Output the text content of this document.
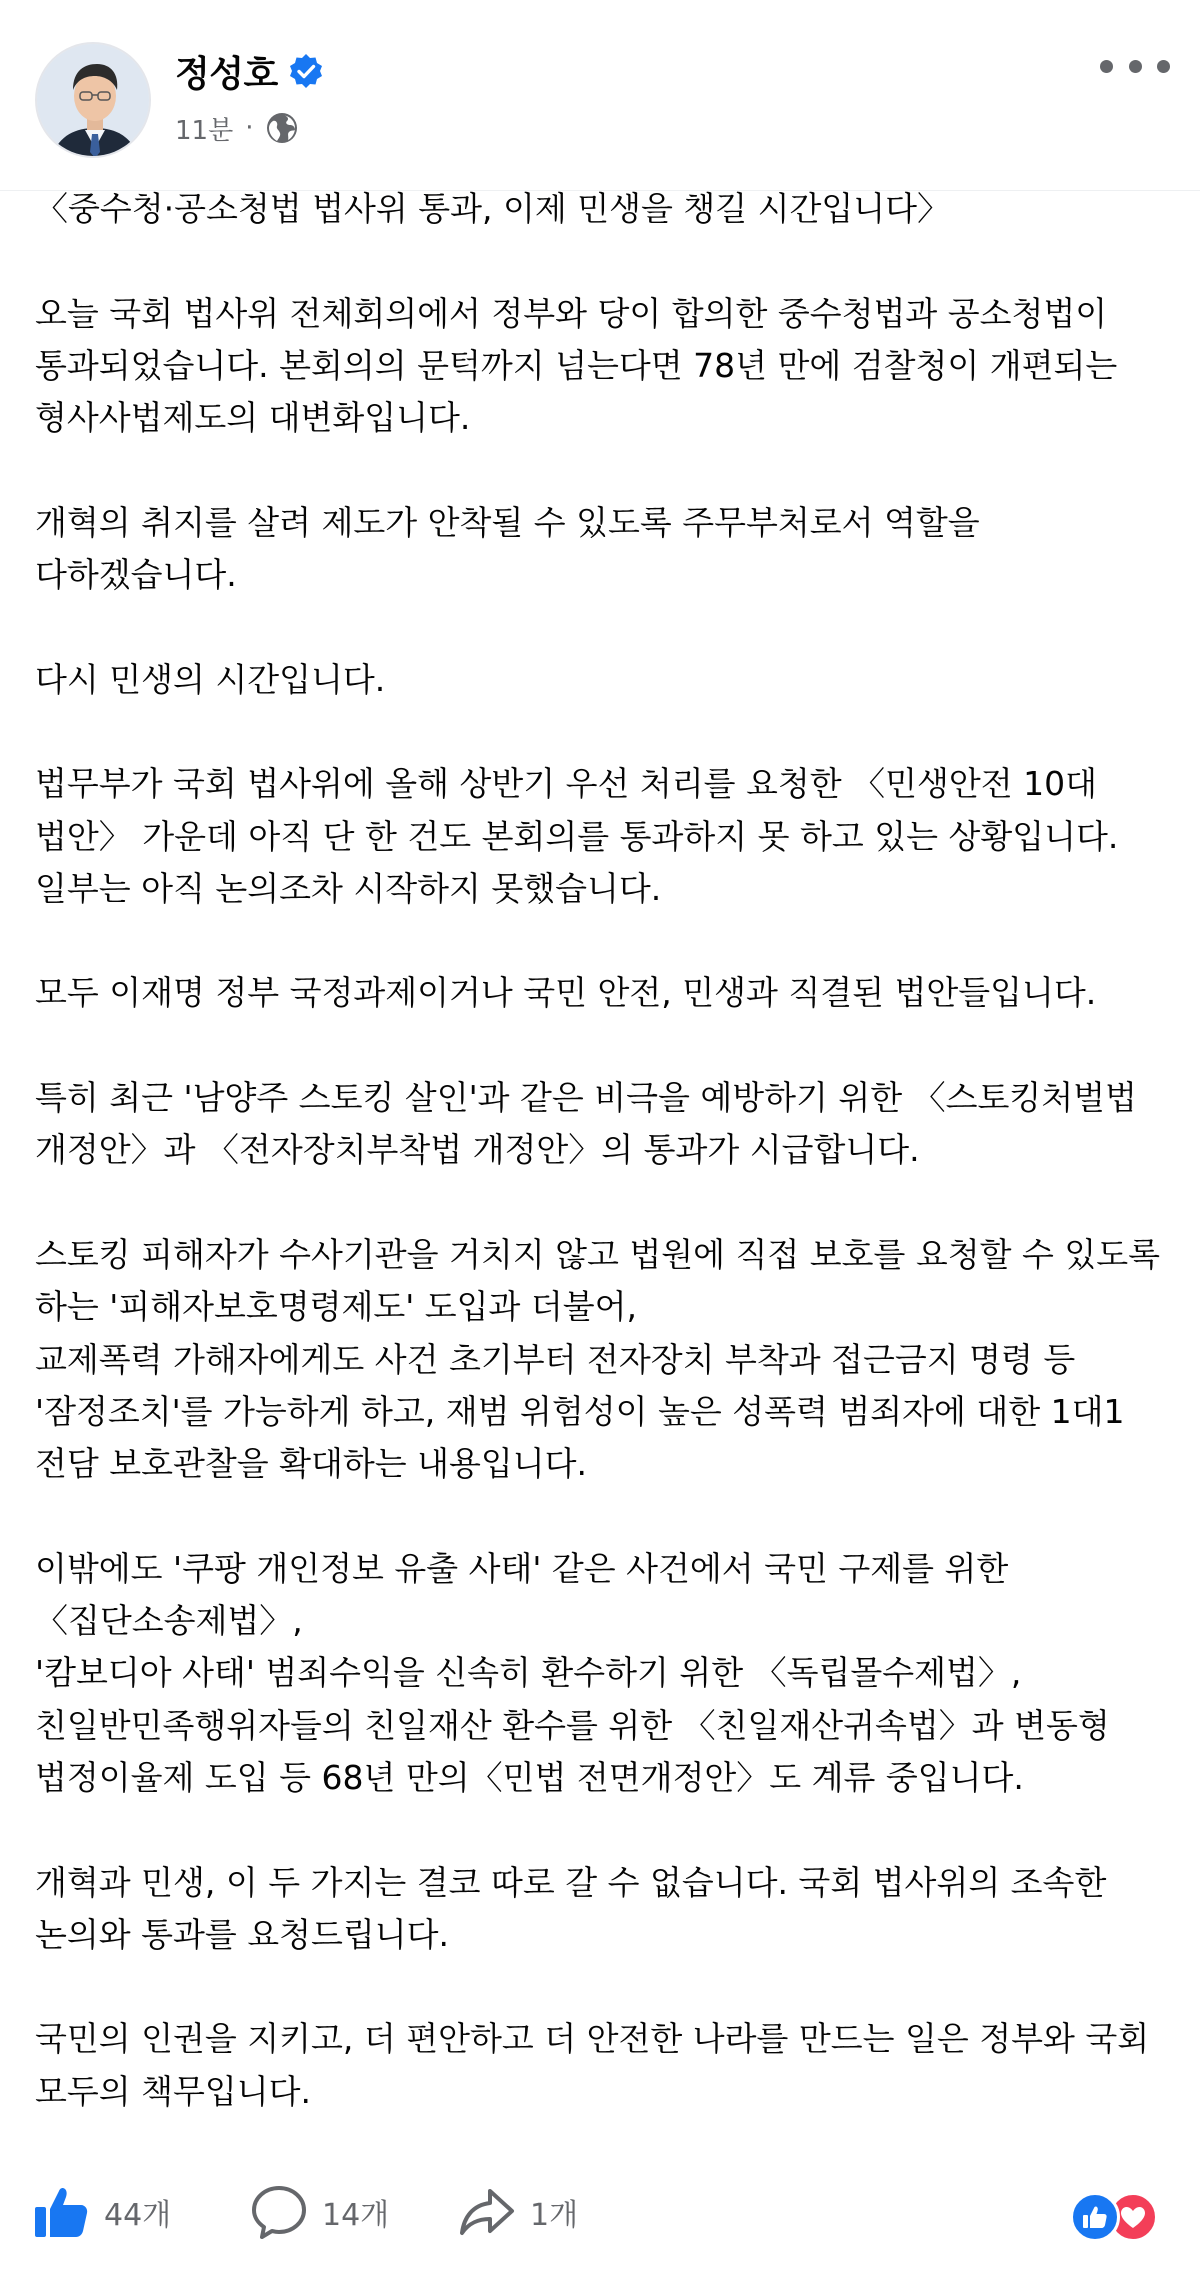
정성호
11분 ·
〈중수청·공소청법 법사위 통과, 이제 민생을 챙길 시간입니다〉
오늘 국회 법사위 전체회의에서 정부와 당이 합의한 중수청법과 공소청법이
통과되었습니다. 본회의의 문턱까지 넘는다면 78년 만에 검찰청이 개편되는
형사사법제도의 대변화입니다.
개혁의 취지를 살려 제도가 안착될 수 있도록 주무부처로서 역할을
다하겠습니다.
다시 민생의 시간입니다.
법무부가 국회 법사위에 올해 상반기 우선 처리를 요청한 〈민생안전 10대
법안〉 가운데 아직 단 한 건도 본회의를 통과하지 못 하고 있는 상황입니다.
일부는 아직 논의조차 시작하지 못했습니다.
모두 이재명 정부 국정과제이거나 국민 안전, 민생과 직결된 법안들입니다.
특히 최근 '남양주 스토킹 살인'과 같은 비극을 예방하기 위한 〈스토킹처벌법
개정안〉과 〈전자장치부착법 개정안〉의 통과가 시급합니다.
스토킹 피해자가 수사기관을 거치지 않고 법원에 직접 보호를 요청할 수 있도록
하는 '피해자보호명령제도' 도입과 더불어,
교제폭력 가해자에게도 사건 초기부터 전자장치 부착과 접근금지 명령 등
'잠정조치'를 가능하게 하고, 재범 위험성이 높은 성폭력 범죄자에 대한 1대1
전담 보호관찰을 확대하는 내용입니다.
이밖에도 '쿠팡 개인정보 유출 사태' 같은 사건에서 국민 구제를 위한
〈집단소송제법〉,
'캄보디아 사태' 범죄수익을 신속히 환수하기 위한 〈독립몰수제법〉,
친일반민족행위자들의 친일재산 환수를 위한 〈친일재산귀속법〉과 변동형
법정이율제 도입 등 68년 만의〈민법 전면개정안〉도 계류 중입니다.
개혁과 민생, 이 두 가지는 결코 따로 갈 수 없습니다. 국회 법사위의 조속한
논의와 통과를 요청드립니다.
국민의 인권을 지키고, 더 편안하고 더 안전한 나라를 만드는 일은 정부와 국회
모두의 책무입니다.
44개	14개	1개
